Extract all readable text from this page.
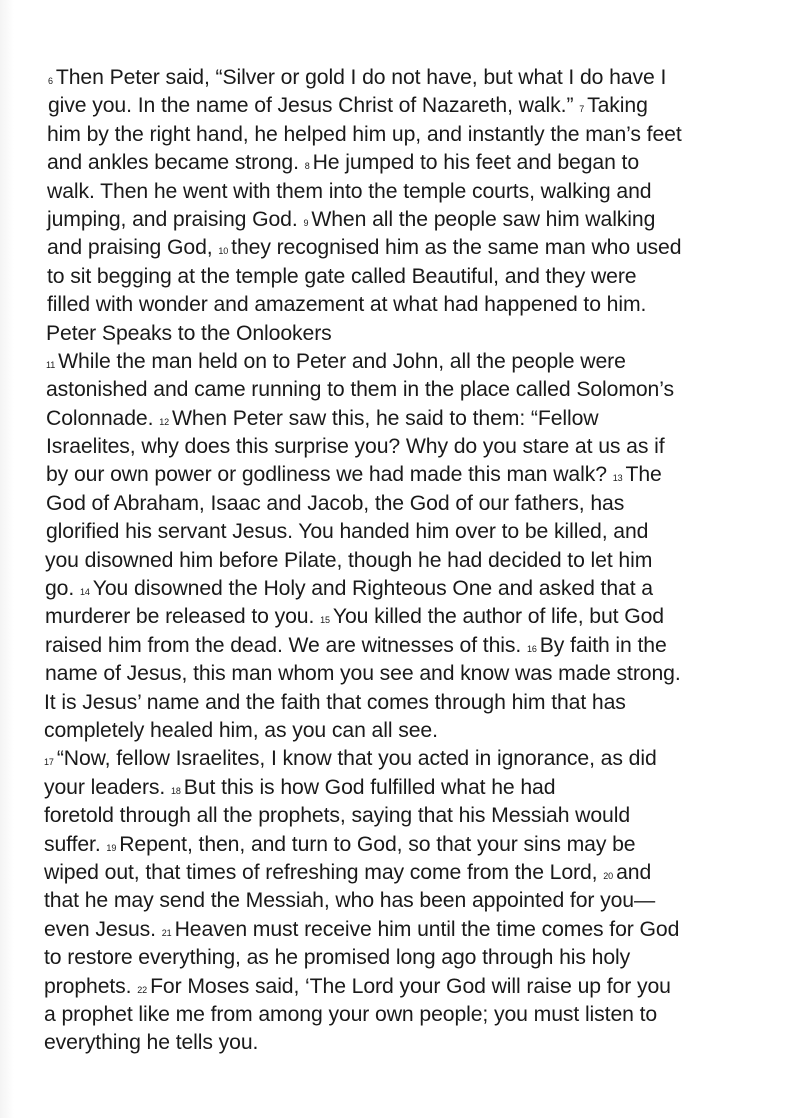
6 Then Peter said, “Silver or gold I do not have, but what I do have I
give you. In the name of Jesus Christ of Nazareth, walk.” 7 Taking
him by the right hand, he helped him up, and instantly the man’s feet
and ankles became strong. 8 He jumped to his feet and began to
walk. Then he went with them into the temple courts, walking and
jumping, and praising God. 9 When all the people saw him walking
and praising God, 10 they recognised him as the same man who used
to sit begging at the temple gate called Beautiful, and they were
filled with wonder and amazement at what had happened to him.
Peter Speaks to the Onlookers
11 While the man held on to Peter and John, all the people were
astonished and came running to them in the place called Solomon’s
Colonnade. 12 When Peter saw this, he said to them: “Fellow
Israelites, why does this surprise you? Why do you stare at us as if
by our own power or godliness we had made this man walk? 13 The
God of Abraham, Isaac and Jacob, the God of our fathers, has
glorified his servant Jesus. You handed him over to be killed, and
you disowned him before Pilate, though he had decided to let him
go. 14 You disowned the Holy and Righteous One and asked that a
murderer be released to you. 15 You killed the author of life, but God
raised him from the dead. We are witnesses of this. 16 By faith in the
name of Jesus, this man whom you see and know was made strong.
It is Jesus’ name and the faith that comes through him that has
completely healed him, as you can all see.
17 “Now, fellow Israelites, I know that you acted in ignorance, as did
your leaders. 18 But this is how God fulfilled what he had
foretold through all the prophets, saying that his Messiah would
suffer. 19 Repent, then, and turn to God, so that your sins may be
wiped out, that times of refreshing may come from the Lord, 20 and
that he may send the Messiah, who has been appointed for you—
even Jesus. 21 Heaven must receive him until the time comes for God
to restore everything, as he promised long ago through his holy
prophets. 22 For Moses said, ‘The Lord your God will raise up for you
a prophet like me from among your own people; you must listen to
everything he tells you.
